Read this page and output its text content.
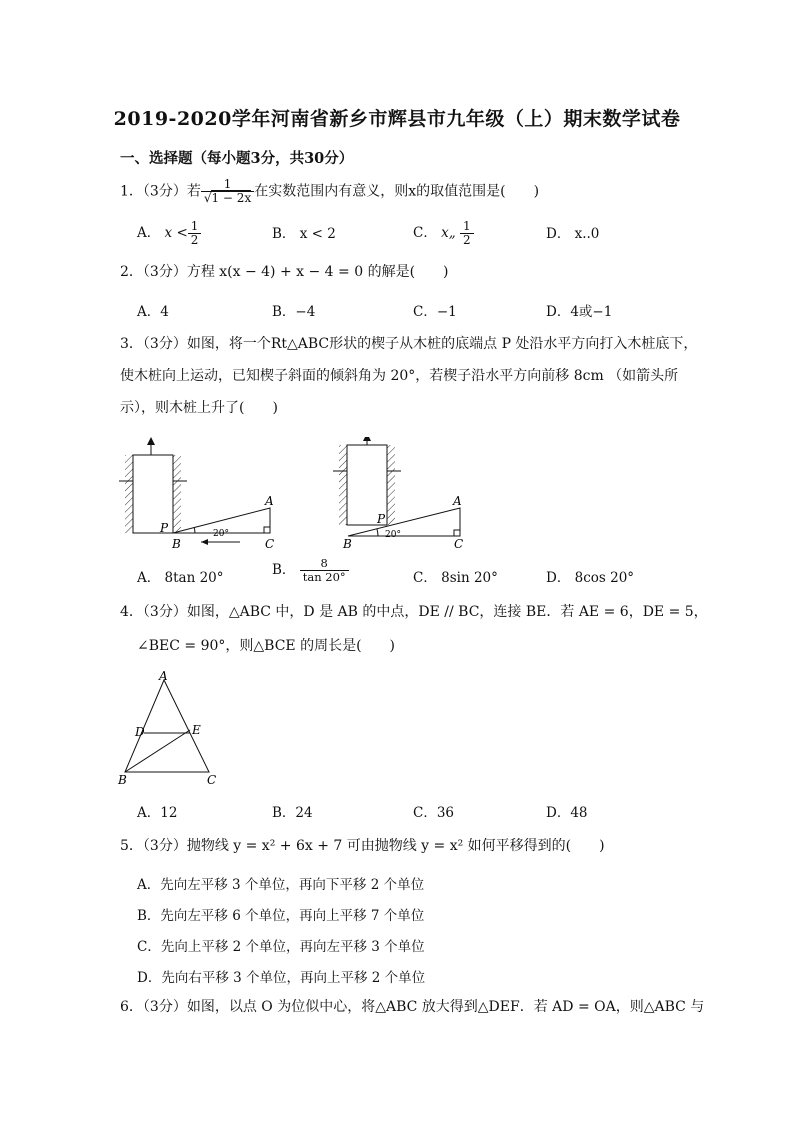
2019-2020学年河南省新乡市辉县市九年级（上）期末数学试卷
一、选择题（每小题3分，共30分）
1．（3分）若 $\frac{1}{√1 - 2x}$ 在实数范围内有意义，则x的取值范围是(　　)
A． $x < \frac{1}{2}$	B． x < 2	C． x„ $\frac{1}{2}$	D． x..0
2．（3分）方程 x(x − 4) + x − 4 = 0 的解是(　　)
A．4	B．−4	C．−1	D．4或−1
3．（3分）如图，将一个Rt△ABC形状的楔子从木桩的底端点 P 处沿水平方向打入木桩底下，
使木桩向上运动，已知楔子斜面的倾斜角为 20°，若楔子沿水平方向前移 8cm （如箭头所
示），则木桩上升了(　　)
P
B
A
C
20°
P
B
A
C
20°
A． 8tan 20°	B． $\frac{8}{\tan 20^\circ}$	C． 8sin 20°	D． 8cos 20°
4．（3分）如图，△ABC 中，D 是 AB 的中点，DE // BC，连接 BE．若 AE = 6，DE = 5，
∠BEC = 90°，则△BCE 的周长是(　　)
A
D	E
B	C
A．12	B．24	C．36	D．48
5．（3分）抛物线 y = x² + 6x + 7 可由抛物线 y = x² 如何平移得到的(　　)
A．先向左平移 3 个单位，再向下平移 2 个单位
B．先向左平移 6 个单位，再向上平移 7 个单位
C．先向上平移 2 个单位，再向左平移 3 个单位
D．先向右平移 3 个单位，再向上平移 2 个单位
6．（3分）如图，以点 O 为位似中心，将△ABC 放大得到△DEF．若 AD = OA，则△ABC 与
